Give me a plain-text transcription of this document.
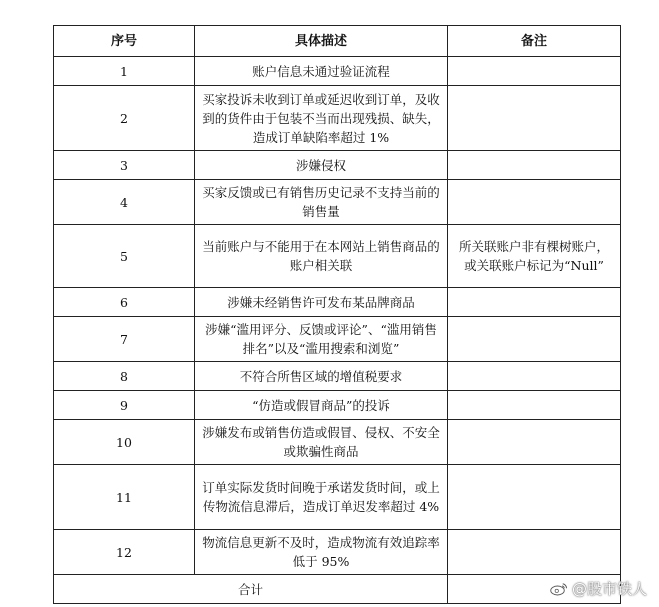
序号	具体描述	备注
1	账户信息未通过验证流程	
2	买家投诉未收到订单或延迟收到订单，及收到的货件由于包装不当而出现残损、缺失，造成订单缺陷率超过 1%	
3	涉嫌侵权	
4	买家反馈或已有销售历史记录不支持当前的销售量	
5	当前账户与不能用于在本网站上销售商品的账户相关联	所关联账户非有棵树账户，或关联账户标记为“Null”
6	涉嫌未经销售许可发布某品牌商品	
7	涉嫌“滥用评分、反馈或评论”、“滥用销售排名”以及“滥用搜索和浏览”	
8	不符合所售区域的增值税要求	
9	“仿造或假冒商品”的投诉	
10	涉嫌发布或销售仿造或假冒、侵权、不安全或欺骗性商品	
11	订单实际发货时间晚于承诺发货时间，或上传物流信息滞后，造成订单迟发率超过 4%	
12	物流信息更新不及时，造成物流有效追踪率低于 95%	
合计			@股市铁人
